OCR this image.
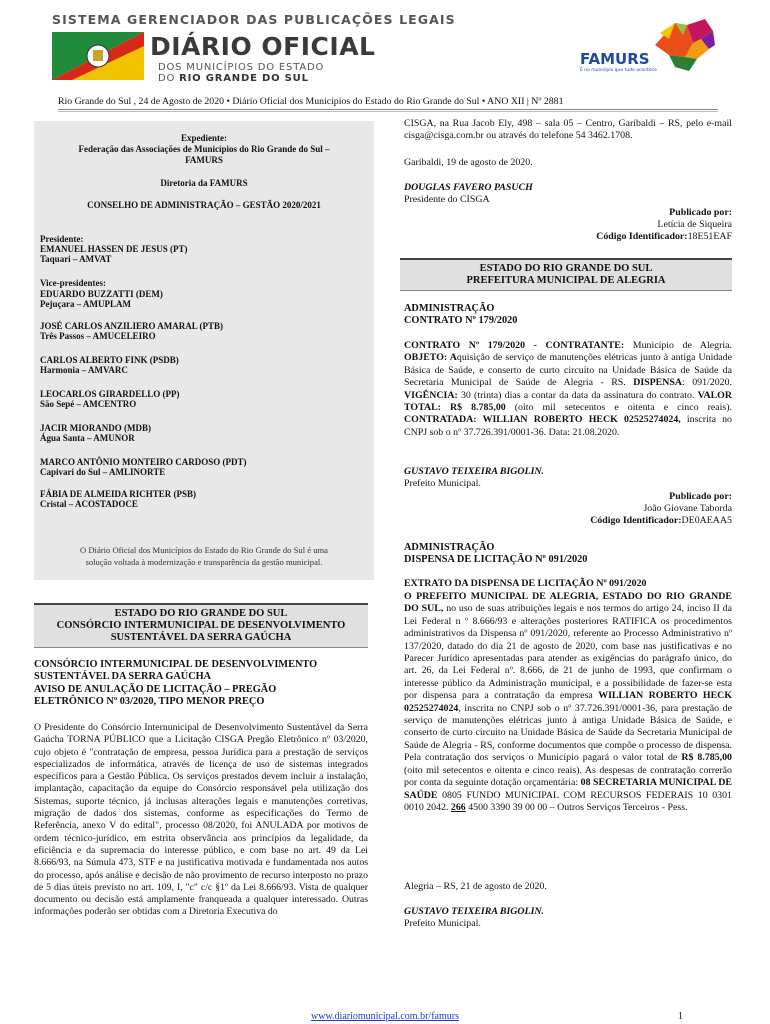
SISTEMA GERENCIADOR DAS PUBLICAÇÕES LEGAIS
DIÁRIO OFICIAL
DOS MUNICÍPIOS DO ESTADO
DO RIO GRANDE DO SUL
FAMURS
É no município que tudo acontece
Rio Grande do Sul , 24 de Agosto de 2020 • Diário Oficial dos Municípios do Estado do Rio Grande do Sul • ANO XII | Nº 2881
Expediente:
Federação das Associações de Municípios do Rio Grande do Sul –
FAMURS
Diretoria da FAMURS
CONSELHO DE ADMINISTRAÇÃO – GESTÃO 2020/2021
Presidente:
EMANUEL HASSEN DE JESUS (PT)
Taquari – AMVAT
Vice-presidentes:
EDUARDO BUZZATTI (DEM)
Pejuçara – AMUPLAM
JOSÉ CARLOS ANZILIERO AMARAL (PTB)
Três Passos – AMUCELEIRO
CARLOS ALBERTO FINK (PSDB)
Harmonia – AMVARC
LEOCARLOS GIRARDELLO (PP)
São Sepé – AMCENTRO
JACIR MIORANDO (MDB)
Água Santa – AMUNOR
MARCO ANTÔNIO MONTEIRO CARDOSO (PDT)
Capivari do Sul – AMLINORTE
FÁBIA DE ALMEIDA RICHTER (PSB)
Cristal – ACOSTADOCE
O Diário Oficial dos Municípios do Estado do Rio Grande do Sul é uma
solução voltada à modernização e transparência da gestão municipal.
ESTADO DO RIO GRANDE DO SUL
CONSÓRCIO INTERMUNICIPAL DE DESENVOLVIMENTO
SUSTENTÁVEL DA SERRA GAÚCHA
CONSÓRCIO INTERMUNICIPAL DE DESENVOLVIMENTO
SUSTENTÁVEL DA SERRA GAÚCHA
AVISO DE ANULAÇÃO DE LICITAÇÃO – PREGÃO
ELETRÔNICO Nº 03/2020, TIPO MENOR PREÇO
O Presidente do Consórcio Internunicipal de Desenvolvimento Sustentável da Serra Gaúcha TORNA PÚBLICO que a Licitação CISGA Pregão Eletrônico nº 03/2020, cujo objeto é "contratação de empresa, pessoa Jurídica para a prestação de serviços especializados de informática, através de licença de uso de sistemas integrados específicos para a Gestão Pública. Os serviços prestados devem incluir a instalação, implantação, capacitação da equipe do Consórcio responsável pela utilização dos Sistemas, suporte técnico, já inclusas alterações legais e manutenções corretivas, migração de dados dos sistemas, conforme as especificações do Termo de Referência, anexo V do edital", processo 08/2020, foi ANULADA por motivos de ordem técnico-jurídico, em estrita observância aos princípios da legalidade, da eficiência e da supremacia do interesse público, e com base no art. 49 da Lei 8.666/93, na Súmula 473, STF e na justificativa motivada e fundamentada nos autos do processo, após análise e decisão de não provimento de recurso interposto no prazo de 5 dias úteis previsto no art. 109, I, "c" c/c §1º da Lei 8.666/93. Vista de qualquer documento ou decisão está amplamente franqueada a qualquer interessado. Outras informações poderão ser obtidas com a Diretoria Executiva do
CISGA, na Rua Jacob Ely, 498 – sala 05 – Centro, Garibaldi – RS, pelo e-mail cisga@cisga.com.br ou através do telefone 54 3462.1708.
Garibaldi, 19 de agosto de 2020.
DOUGLAS FAVERO PASUCH
Presidente do CISGA
Publicado por:
Letícia de Siqueira
Código Identificador:18E51EAF
ESTADO DO RIO GRANDE DO SUL
PREFEITURA MUNICIPAL DE ALEGRIA
ADMINISTRAÇÃO
CONTRATO Nº 179/2020
CONTRATO Nº 179/2020 - CONTRATANTE: Município de Alegria. OBJETO: Aquisição de serviço de manutenções elétricas junto à antiga Unidade Básica de Saúde, e conserto de curto circuito na Unidade Básica de Saúde da Secretaria Municipal de Saúde de Alegria - RS. DISPENSA: 091/2020. VIGÊNCIA: 30 (trinta) dias a contar da data da assinatura do contrato. VALOR TOTAL: R$ 8.785,00 (oito mil setecentos e oitenta e cinco reais). CONTRATADA: WILLIAN ROBERTO HECK 02525274024, inscrita no CNPJ sob o nº 37.726.391/0001-36. Data: 21.08.2020.
GUSTAVO TEIXEIRA BIGOLIN.
Prefeito Municipal.
Publicado por:
João Giovane Taborda
Código Identificador:DE0AEAA5
ADMINISTRAÇÃO
DISPENSA DE LICITAÇÃO Nº 091/2020
EXTRATO DA DISPENSA DE LICITAÇÃO Nº 091/2020
O PREFEITO MUNICIPAL DE ALEGRIA, ESTADO DO RIO GRANDE DO SUL, no uso de suas atribuições legais e nos termos do artigo 24, inciso II da Lei Federal n º 8.666/93 e alterações posteriores RATIFICA os procedimentos administrativos da Dispensa nº 091/2020, referente ao Processo Administrativo nº 137/2020, datado do dia 21 de agosto de 2020, com base nas justificativas e no Parecer Jurídico apresentadas para atender as exigências do parágrafo único, do art. 26, da Lei Federal nº. 8.666, de 21 de junho de 1993, que confirmam o interesse público da Administração municipal, e a possibilidade de fazer-se esta por dispensa para a contratação da empresa WILLIAN ROBERTO HECK 02525274024, inscrita no CNPJ sob o nº 37.726.391/0001-36, para prestação de serviço de manutenções elétricas junto à antiga Unidade Básica de Saúde, e conserto de curto circuito na Unidade Básica de Saúde da Secretaria Municipal de Saúde de Alegria - RS, conforme documentos que compõe o processo de dispensa. Pela contratação dos serviços o Município pagará o valor total de R$ 8.785,00 (oito mil setecentos e oitenta e cinco reais). As despesas de contratação correrão por conta da seguinte dotação orçamentária: 08 SECRETARIA MUNICIPAL DE SAÚDE 0805 FUNDO MUNICIPAL COM RECURSOS FEDERAIS 10 0301 0010 2042. 266 4500 3390 39 00 00 – Outros Serviços Terceiros - Pess.
Alegria – RS, 21 de agosto de 2020.
GUSTAVO TEIXEIRA BIGOLIN.
Prefeito Municipal.
www.diariomunicipal.com.br/famurs	1
